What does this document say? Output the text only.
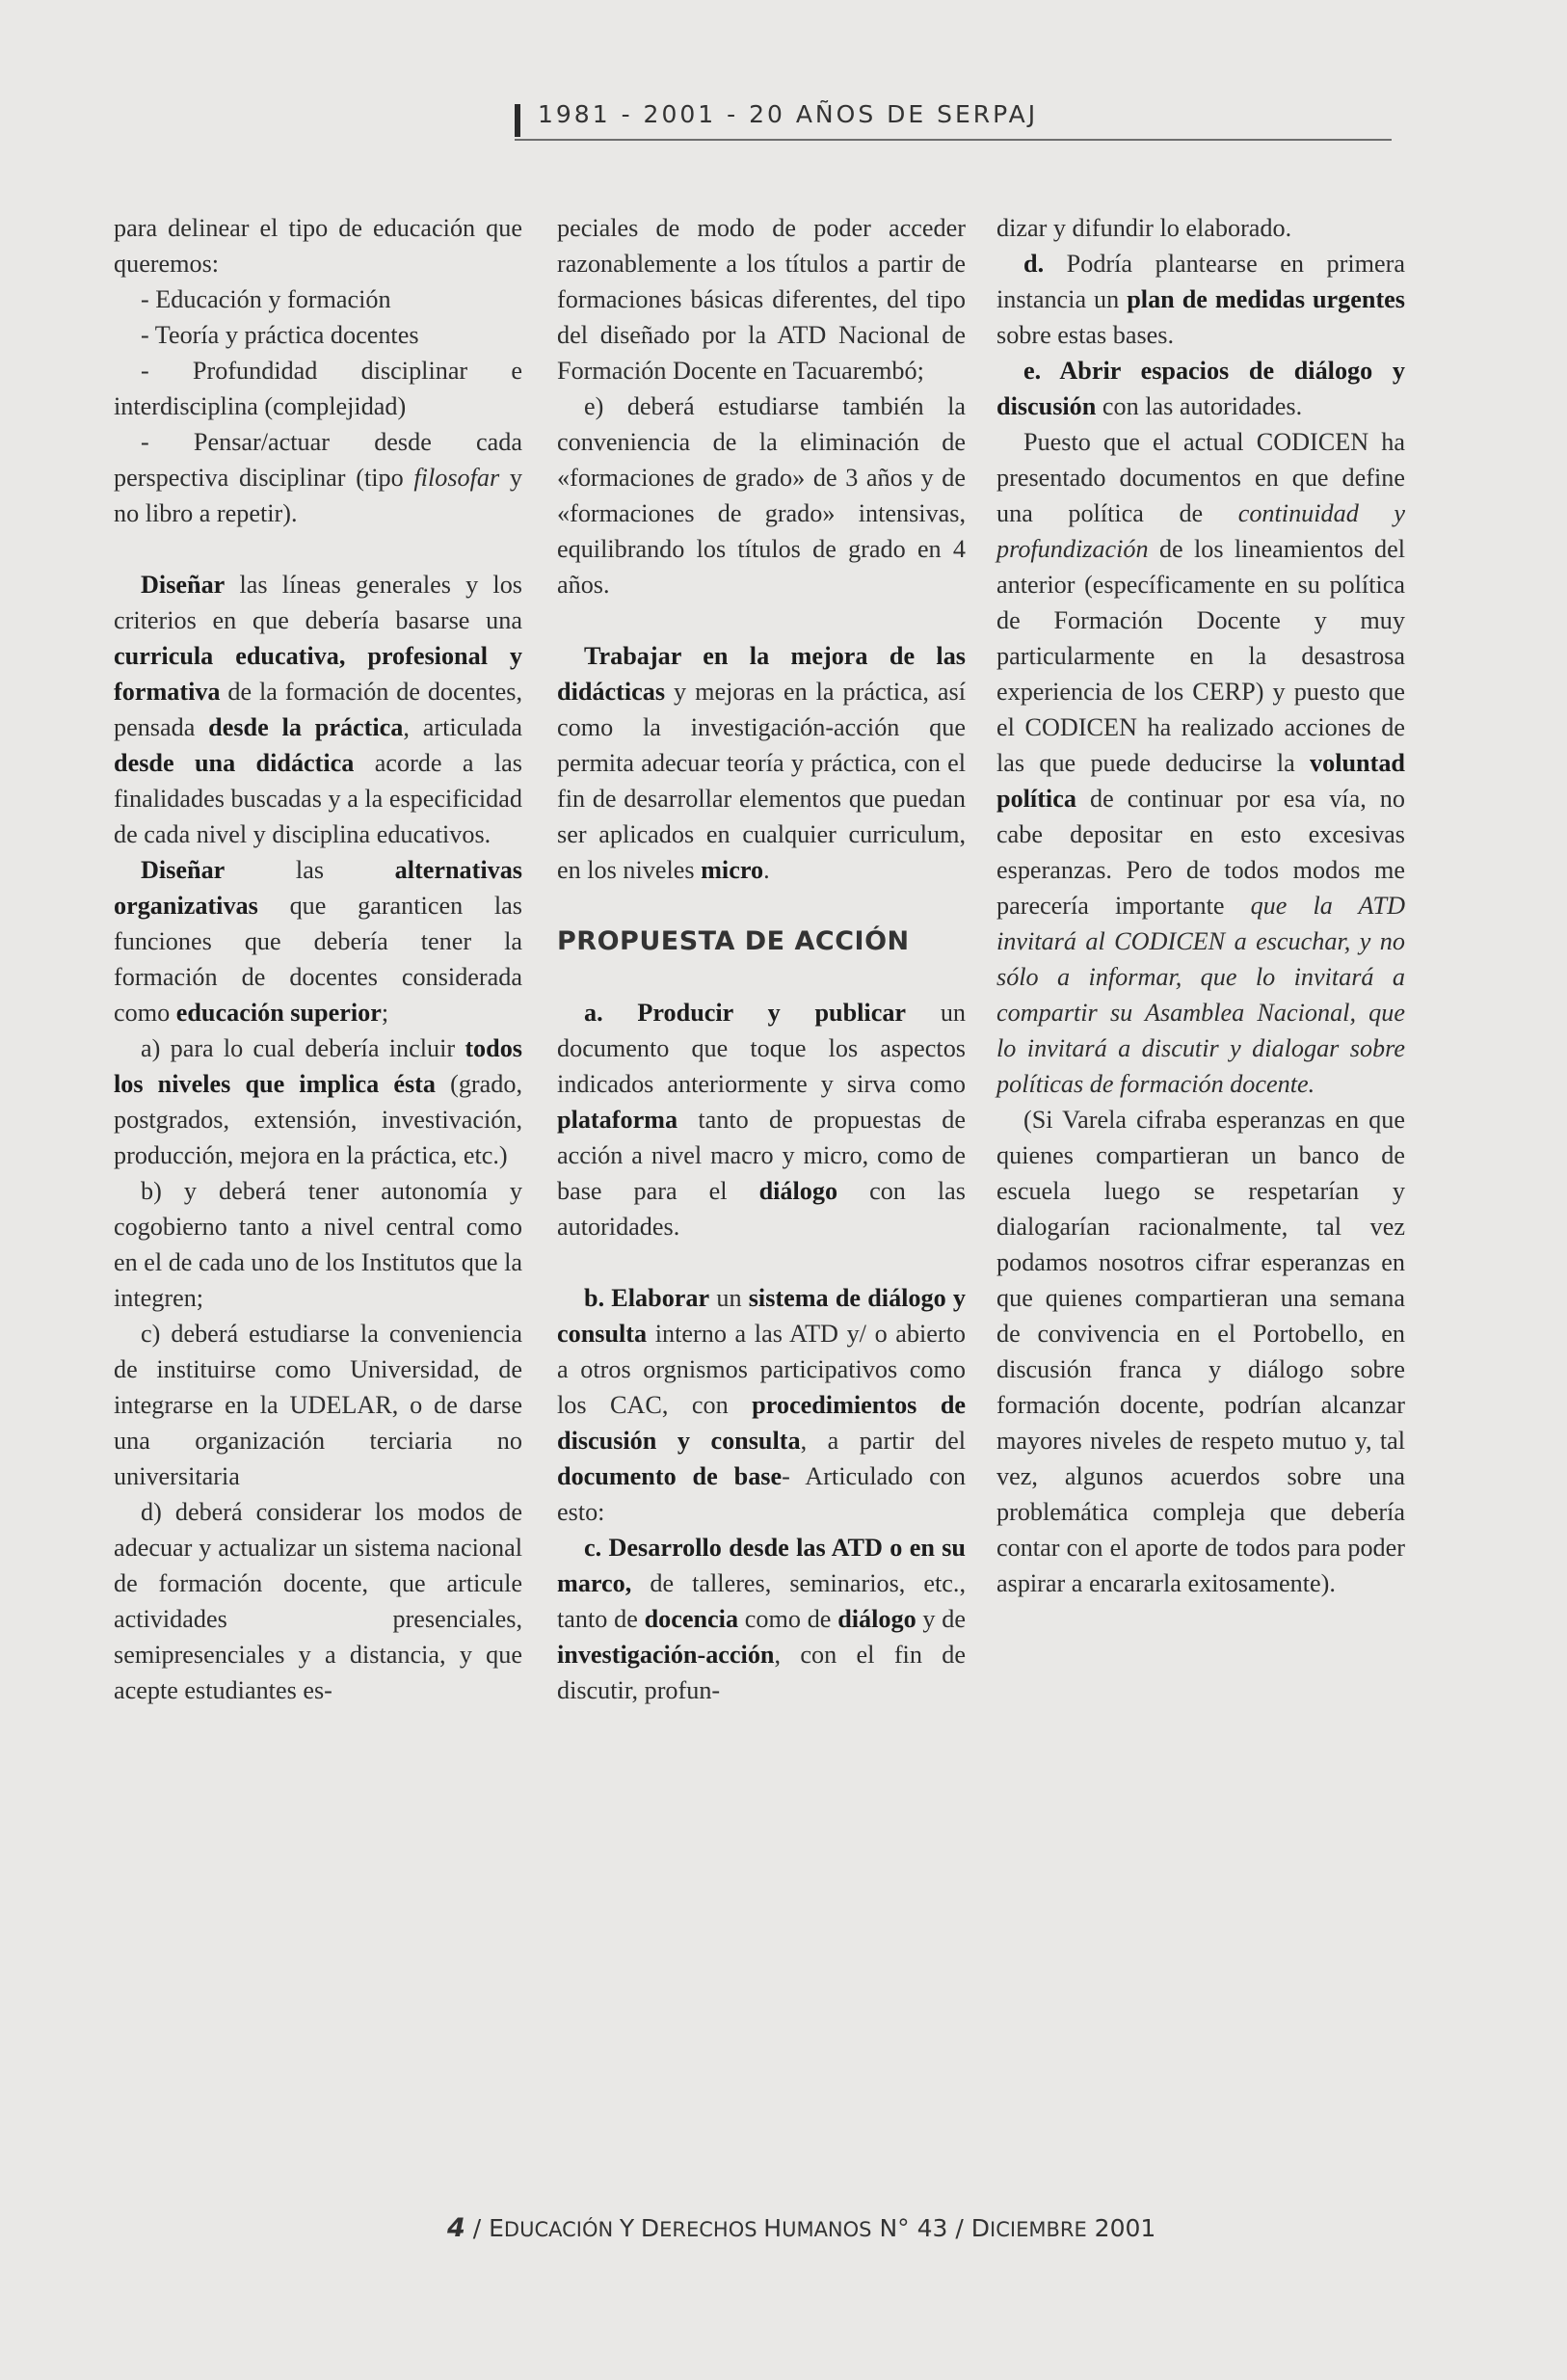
1981 - 2001 - 20 AÑOS DE SERPAJ

para delinear el tipo de educación que queremos:

- Educación y formación

- Teoría y práctica docentes

- Profundidad disciplinar e interdisciplina (complejidad)

- Pensar/actuar desde cada perspectiva disciplinar (tipo filosofar y no libro a repetir).

Diseñar las líneas generales y los criterios en que debería basarse una curricula educativa, profesional y formativa de la formación de docentes, pensada desde la práctica, articulada desde una didáctica acorde a las finalidades buscadas y a la especificidad de cada nivel y disciplina educativos.

Diseñar las alternativas organizativas que garanticen las funciones que debería tener la formación de docentes considerada como educación superior;

a) para lo cual debería incluir todos los niveles que implica ésta (grado, postgrados, extensión, investivación, producción, mejora en la práctica, etc.)

b) y deberá tener autonomía y cogobierno tanto a nivel central como en el de cada uno de los Institutos que la integren;

c) deberá estudiarse la conveniencia de instituirse como Universidad, de integrarse en la UDELAR, o de darse una organización terciaria no universitaria

d) deberá considerar los modos de adecuar y actualizar un sistema nacional de formación docente, que articule actividades presenciales, semipresenciales y a distancia, y que acepte estudiantes es-

peciales de modo de poder acceder razonablemente a los títulos a partir de formaciones básicas diferentes, del tipo del diseñado por la ATD Nacional de Formación Docente en Tacuarembó;

e) deberá estudiarse también la conveniencia de la eliminación de «formaciones de grado» de 3 años y de «formaciones de grado» intensivas, equilibrando los títulos de grado en 4 años.

Trabajar en la mejora de las didácticas y mejoras en la práctica, así como la investigación-acción que permita adecuar teoría y práctica, con el fin de desarrollar elementos que puedan ser aplicados en cualquier curriculum, en los niveles micro.

PROPUESTA DE ACCIÓN

a. Producir y publicar un documento que toque los aspectos indicados anteriormente y sirva como plataforma tanto de propuestas de acción a nivel macro y micro, como de base para el diálogo con las autoridades.

b. Elaborar un sistema de diálogo y consulta interno a las ATD y/ o abierto a otros orgnismos participativos como los CAC, con procedimientos de discusión y consulta, a partir del documento de base- Articulado con esto:

c. Desarrollo desde las ATD o en su marco, de talleres, seminarios, etc., tanto de docencia como de diálogo y de investigación-acción, con el fin de discutir, profun-

dizar y difundir lo elaborado.

d. Podría plantearse en primera instancia un plan de medidas urgentes sobre estas bases.

e. Abrir espacios de diálogo y discusión con las autoridades.

Puesto que el actual CODICEN ha presentado documentos en que define una política de continuidad y profundización de los lineamientos del anterior (específicamente en su política de Formación Docente y muy particularmente en la desastrosa experiencia de los CERP) y puesto que el CODICEN ha realizado acciones de las que puede deducirse la voluntad política de continuar por esa vía, no cabe depositar en esto excesivas esperanzas. Pero de todos modos me parecería importante que la ATD invitará al CODICEN a escuchar, y no sólo a informar, que lo invitará a compartir su Asamblea Nacional, que lo invitará a discutir y dialogar sobre políticas de formación docente.

(Si Varela cifraba esperanzas en que quienes compartieran un banco de escuela luego se respetarían y dialogarían racionalmente, tal vez podamos nosotros cifrar esperanzas en que quienes compartieran una semana de convivencia en el Portobello, en discusión franca y diálogo sobre formación docente, podrían alcanzar mayores niveles de respeto mutuo y, tal vez, algunos acuerdos sobre una problemática compleja que debería contar con el aporte de todos para poder aspirar a encararla exitosamente).

4 / EDUCACIÓN Y DERECHOS HUMANOS N° 43 / DICIEMBRE 2001
